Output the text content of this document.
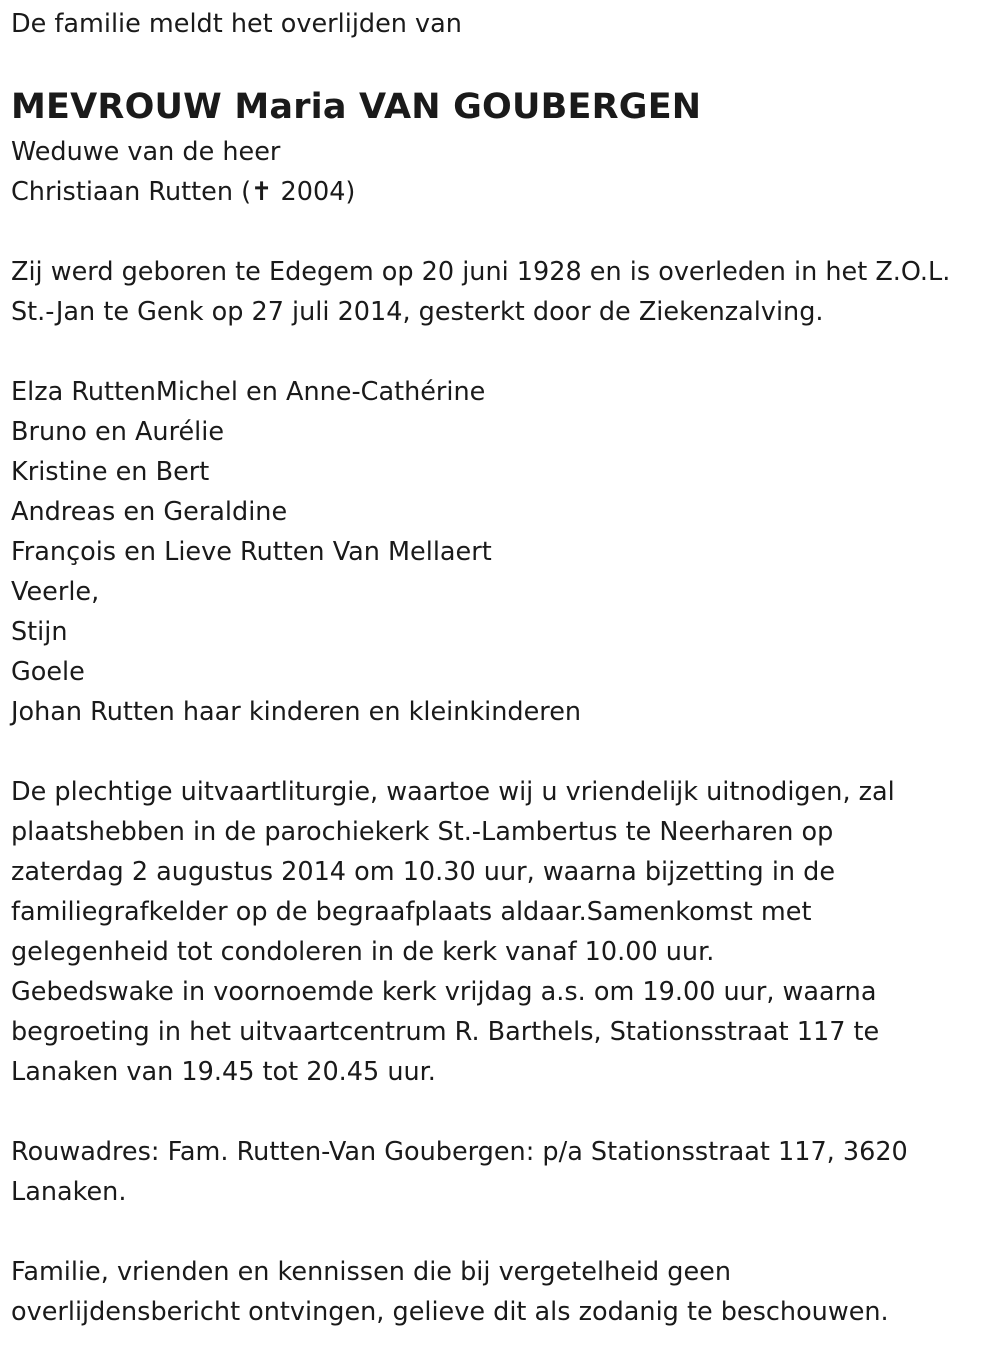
De familie meldt het overlijden van
MEVROUW Maria VAN GOUBERGEN
Weduwe van de heer
Christiaan Rutten (✝ 2004)
Zij werd geboren te Edegem op 20 juni 1928 en is overleden in het Z.O.L.
St.-Jan te Genk op 27 juli 2014, gesterkt door de Ziekenzalving.
Elza RuttenMichel en Anne-Cathérine
Bruno en Aurélie
Kristine en Bert
Andreas en Geraldine
François en Lieve Rutten Van Mellaert
Veerle,
Stijn
Goele
Johan Rutten haar kinderen en kleinkinderen
De plechtige uitvaartliturgie, waartoe wij u vriendelijk uitnodigen, zal
plaatshebben in de parochiekerk St.-Lambertus te Neerharen op
zaterdag 2 augustus 2014 om 10.30 uur, waarna bijzetting in de
familiegrafkelder op de begraafplaats aldaar.Samenkomst met
gelegenheid tot condoleren in de kerk vanaf 10.00 uur.
Gebedswake in voornoemde kerk vrijdag a.s. om 19.00 uur, waarna
begroeting in het uitvaartcentrum R. Barthels, Stationsstraat 117 te
Lanaken van 19.45 tot 20.45 uur.
Rouwadres: Fam. Rutten-Van Goubergen: p/a Stationsstraat 117, 3620
Lanaken.
Familie, vrienden en kennissen die bij vergetelheid geen
overlijdensbericht ontvingen, gelieve dit als zodanig te beschouwen.
